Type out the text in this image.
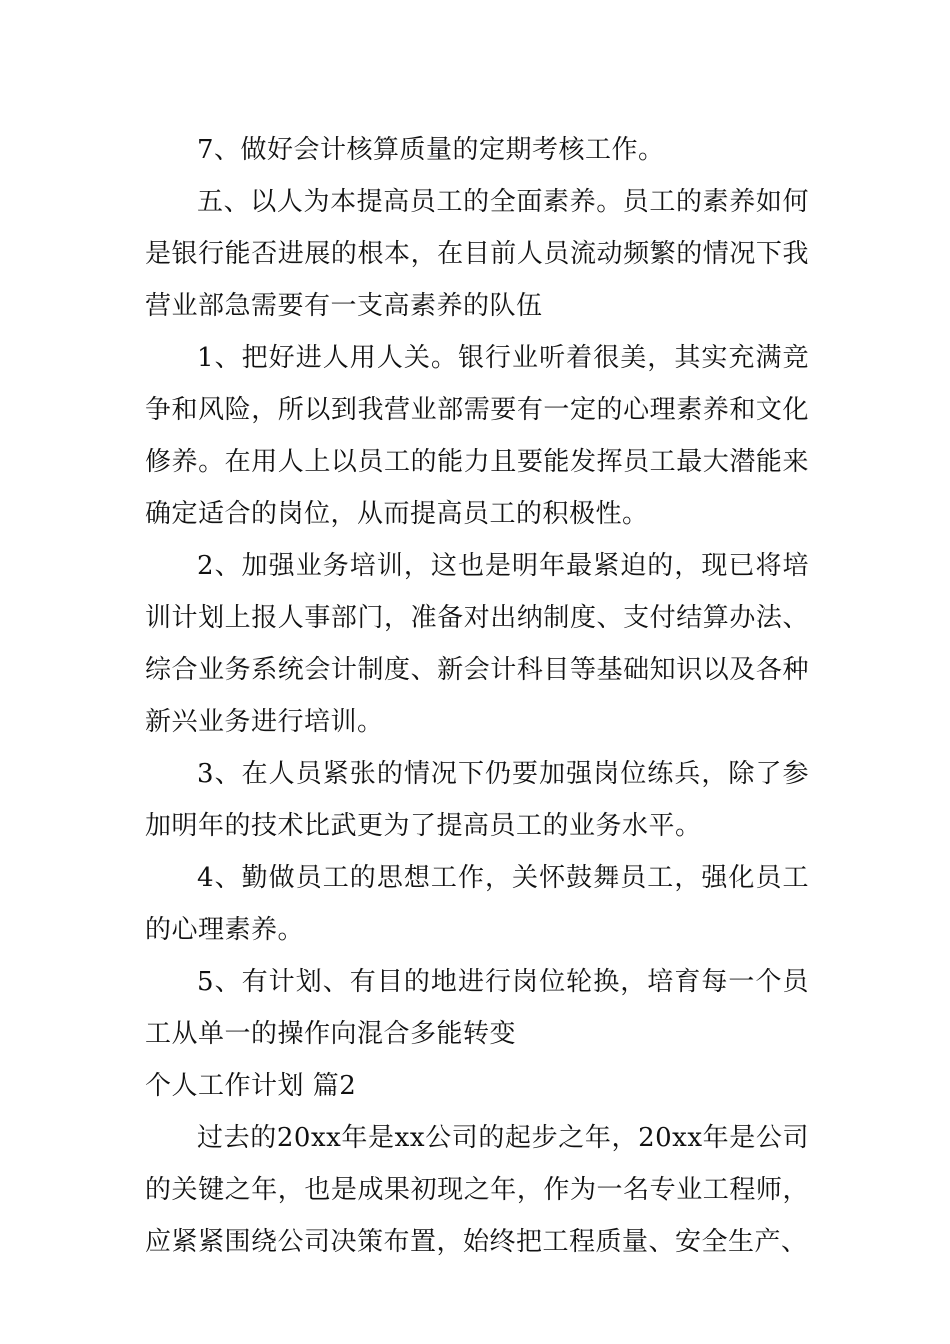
7、做好会计核算质量的定期考核工作。

五、以人为本提高员工的全面素养。员工的素养如何是银行能否进展的根本，在目前人员流动频繁的情况下我营业部急需要有一支高素养的队伍

1、把好进人用人关。银行业听着很美，其实充满竞争和风险，所以到我营业部需要有一定的心理素养和文化修养。在用人上以员工的能力且要能发挥员工最大潜能来确定适合的岗位，从而提高员工的积极性。

2、加强业务培训，这也是明年最紧迫的，现已将培训计划上报人事部门，准备对出纳制度、支付结算办法、综合业务系统会计制度、新会计科目等基础知识以及各种新兴业务进行培训。

3、在人员紧张的情况下仍要加强岗位练兵，除了参加明年的技术比武更为了提高员工的业务水平。

4、勤做员工的思想工作，关怀鼓舞员工，强化员工的心理素养。

5、有计划、有目的地进行岗位轮换，培育每一个员工从单一的操作向混合多能转变

个人工作计划 篇2

过去的20xx年是xx公司的起步之年，20xx年是公司的关键之年，也是成果初现之年，作为一名专业工程师，应紧紧围绕公司决策布置，始终把工程质量、安全生产、
